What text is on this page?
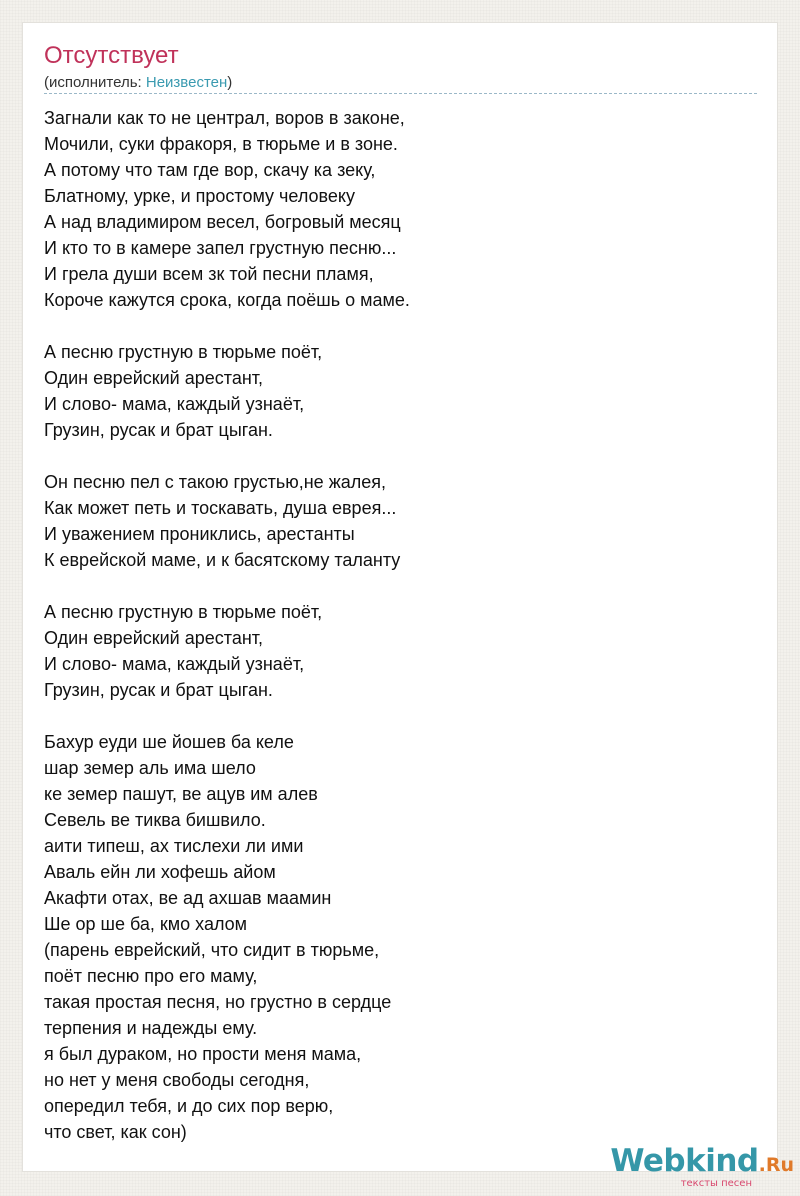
Отсутствует
(исполнитель: Неизвестен)
Загнали как то не централ, воров в законе,
Мочили, суки фракоря, в тюрьме и в зоне.
А потому что там где вор, скачу ка зеку,
Блатному, урке, и простому человеку
А над владимиром весел, богровый месяц
И кто то в камере запел грустную песню...
И грела души всем зк той песни пламя,
Короче кажутся срока, когда поёшь о маме.

А песню грустную в тюрьме поёт,
Один еврейский арестант,
И слово- мама, каждый узнаёт,
Грузин, русак и брат цыган.

Он песню пел с такою грустью,не жалея,
Как может петь и тоскавать, душа еврея...
И уважением прониклись, арестанты
К еврейской маме, и к басятскому таланту

А песню грустную в тюрьме поёт,
Один еврейский арестант,
И слово- мама, каждый узнаёт,
Грузин, русак и брат цыган.

Бахур еуди ше йошев ба келе
шар земер аль има шело
ке земер пашут, ве ацув им алев
Севель ве тиква бишвило.
аити типеш, ах тислехи ли ими
Аваль ейн ли хофешь айом
Акафти отах, ве ад ахшав маамин
Ше ор ше ба, кмо халом
(парень еврейский, что сидит в тюрьме,
поёт песню про его маму,
такая простая песня, но грустно в сердце
терпения и надежды ему.
я был дураком, но прости меня мама,
но нет у меня свободы сегодня,
опередил тебя, и до сих пор верю,
что свет, как сон)
Webkind.Ru
тексты песен
